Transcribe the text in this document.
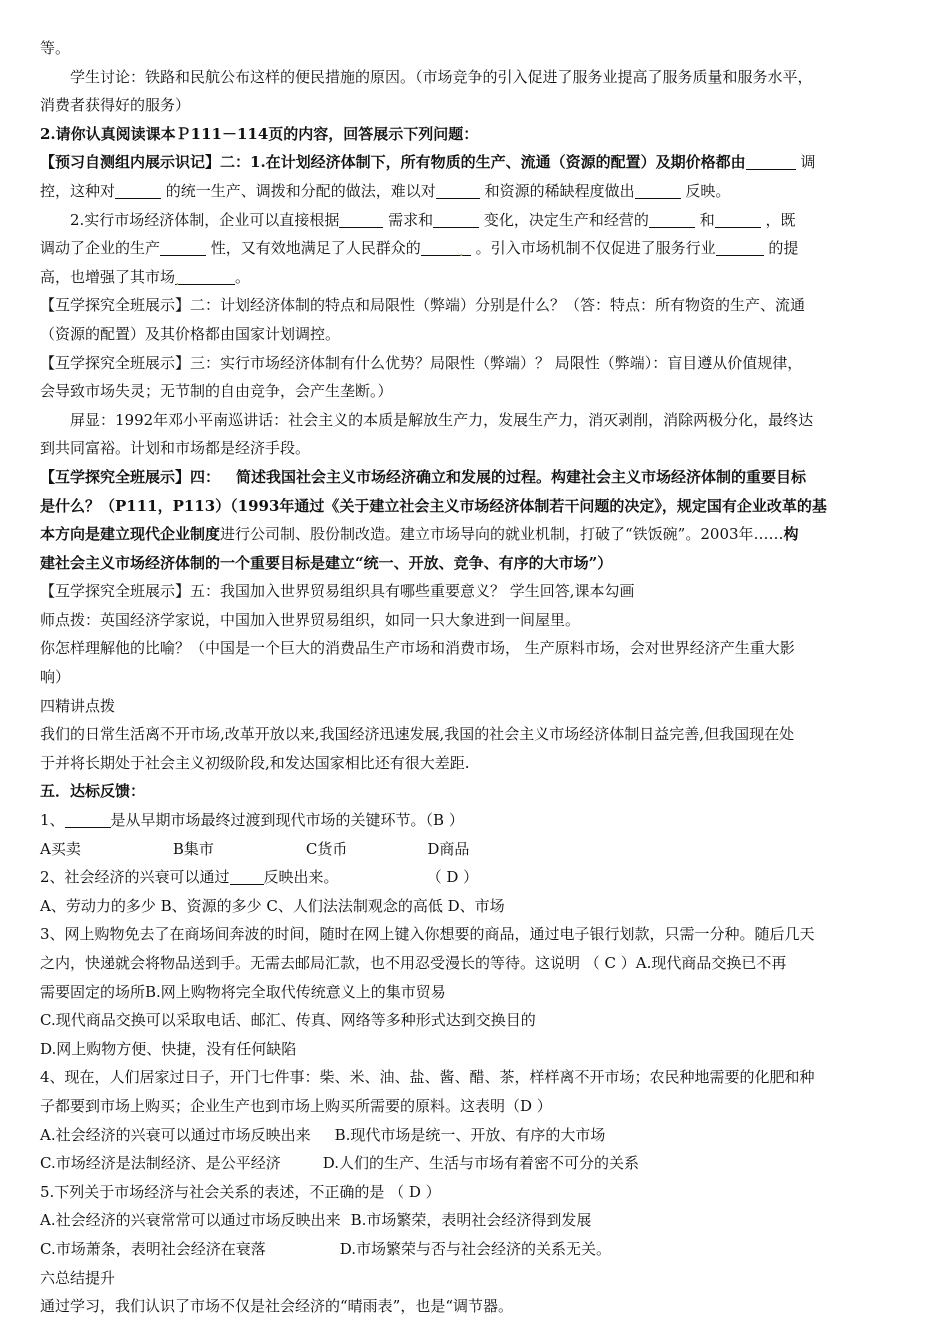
等。

学生讨论：铁路和民航公布这样的便民措施的原因。（市场竞争的引入促进了服务业提高了服务质量和服务水平，

消费者获得好的服务）

2.请你认真阅读课本Ｐ111－114页的内容，回答展示下列问题：

【预习自测组内展示识记】二：1.在计划经济体制下，所有物质的生产、流通（资源的配置）及期价格都由	调

控，这种对	的统一生产、调拨和分配的做法，难以对	和资源的稀缺程度做出	反映。

2.实行市场经济体制，企业可以直接根据	需求和	变化，决定生产和经营的	和	，既

调动了企业的生产	性，又有效地满足了人民群众的	. 。引入市场机制不仅促进了服务行业	的提

高，也增强了其市场.	。

【互学探究全班展示】二：计划经济体制的特点和局限性（弊端）分别是什么？（答：特点：所有物资的生产、流通

（资源的配置）及其价格都由国家计划调控。

【互学探究全班展示】三：实行市场经济体制有什么优势？局限性（弊端）？ 局限性（弊端）：盲目遵从价值规律，

会导致市场失灵；无节制的自由竞争，会产生垄断。）

屏显：1992年邓小平南巡讲话：社会主义的本质是解放生产力，发展生产力，消灭剥削，消除两极分化，最终达

到共同富裕。计划和市场都是经济手段。

【互学探究全班展示】四： 简述我国社会主义市场经济确立和发展的过程。构建社会主义市场经济体制的重要目标

是什么？（P111，P113）（1993年通过《关于建立社会主义市场经济体制若干问题的决定》，规定国有企业改革的基

本方向是建立现代企业制度进行公司制、股份制改造。建立市场导向的就业机制，打破了“铁饭碗”。2003年……构

建社会主义市场经济体制的一个重要目标是建立“统一、开放、竞争、有序的大市场”）

【互学探究全班展示】五：我国加入世界贸易组织具有哪些重要意义？ 学生回答,课本勾画

师点拨：英国经济学家说，中国加入世界贸易组织，如同一只大象进到一间屋里。

你怎样理解他的比喻？（中国是一个巨大的消费品生产市场和消费市场， 生产原料市场，会对世界经济产生重大影

响）

四精讲点拨

我们的日常生活离不开市场,改革开放以来,我国经济迅速发展,我国的社会主义市场经济体制日益完善,但我国现在处

于并将长期处于社会主义初级阶段,和发达国家相比还有很大差距.

五．达标反馈：

1、	是从早期市场最终过渡到现代市场的关键环节。（B ）

A买卖	B集市	C货币	D商品

2、社会经济的兴衰可以通过 反映出来。	（ D ）

A、劳动力的多少 B、资源的多少 C、人们法法制观念的高低 D、市场

3、网上购物免去了在商场间奔波的时间，随时在网上键入你想要的商品，通过电子银行划款，只需一分种。随后几天

之内，快递就会将物品送到手。无需去邮局汇款，也不用忍受漫长的等待。这说明 （ C ）A.现代商品交换已不再

需要固定的场所B.网上购物将完全取代传统意义上的集市贸易

C.现代商品交换可以采取电话、邮汇、传真、网络等多种形式达到交换目的

D.网上购物方便、快捷，没有任何缺陷

4、现在，人们居家过日子，开门七件事：柴、米、油、盐、酱、醋、茶，样样离不开市场；农民种地需要的化肥和种

子都要到市场上购买；企业生产也到市场上购买所需要的原料。这表明（D ）

A.社会经济的兴衰可以通过市场反映出来 B.现代市场是统一、开放、有序的大市场

C.市场经济是法制经济、是公平经济	D.人们的生产、生活与市场有着密不可分的关系

5.下列关于市场经济与社会关系的表述，不正确的是 （ D ）

A.社会经济的兴衰常常可以通过市场反映出来 B.市场繁荣，表明社会经济得到发展

C.市场萧条，表明社会经济在衰落	D.市场繁荣与否与社会经济的关系无关。

六总结提升

通过学习，我们认识了市场不仅是社会经济的“晴雨表”，也是“调节器。
